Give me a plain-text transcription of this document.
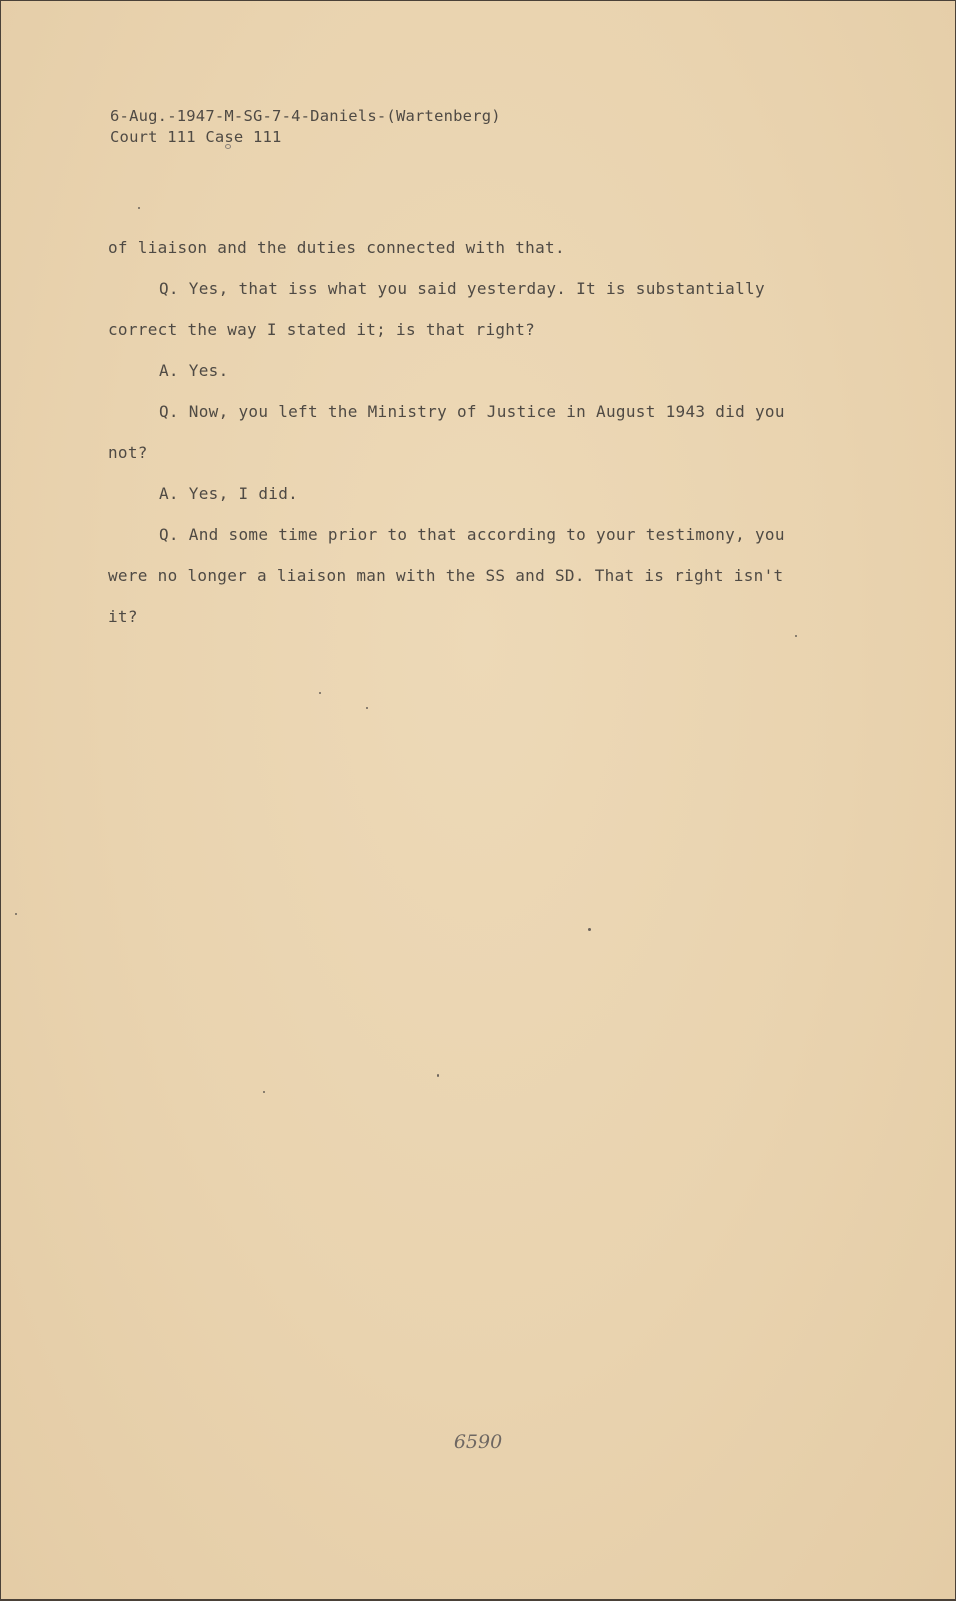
6-Aug.-1947-M-SG-7-4-Daniels-(Wartenberg)
Court 111 Case 111

of liaison and the duties connected with that.

Q. Yes, that iss what you said yesterday. It is substantially correct the way I stated it; is that right?

A. Yes.

Q. Now, you left the Ministry of Justice in August 1943 did you not?

A. Yes, I did.

Q. And some time prior to that according to your testimony, you were no longer a liaison man with the SS and SD. That is right isn't it?

6590
